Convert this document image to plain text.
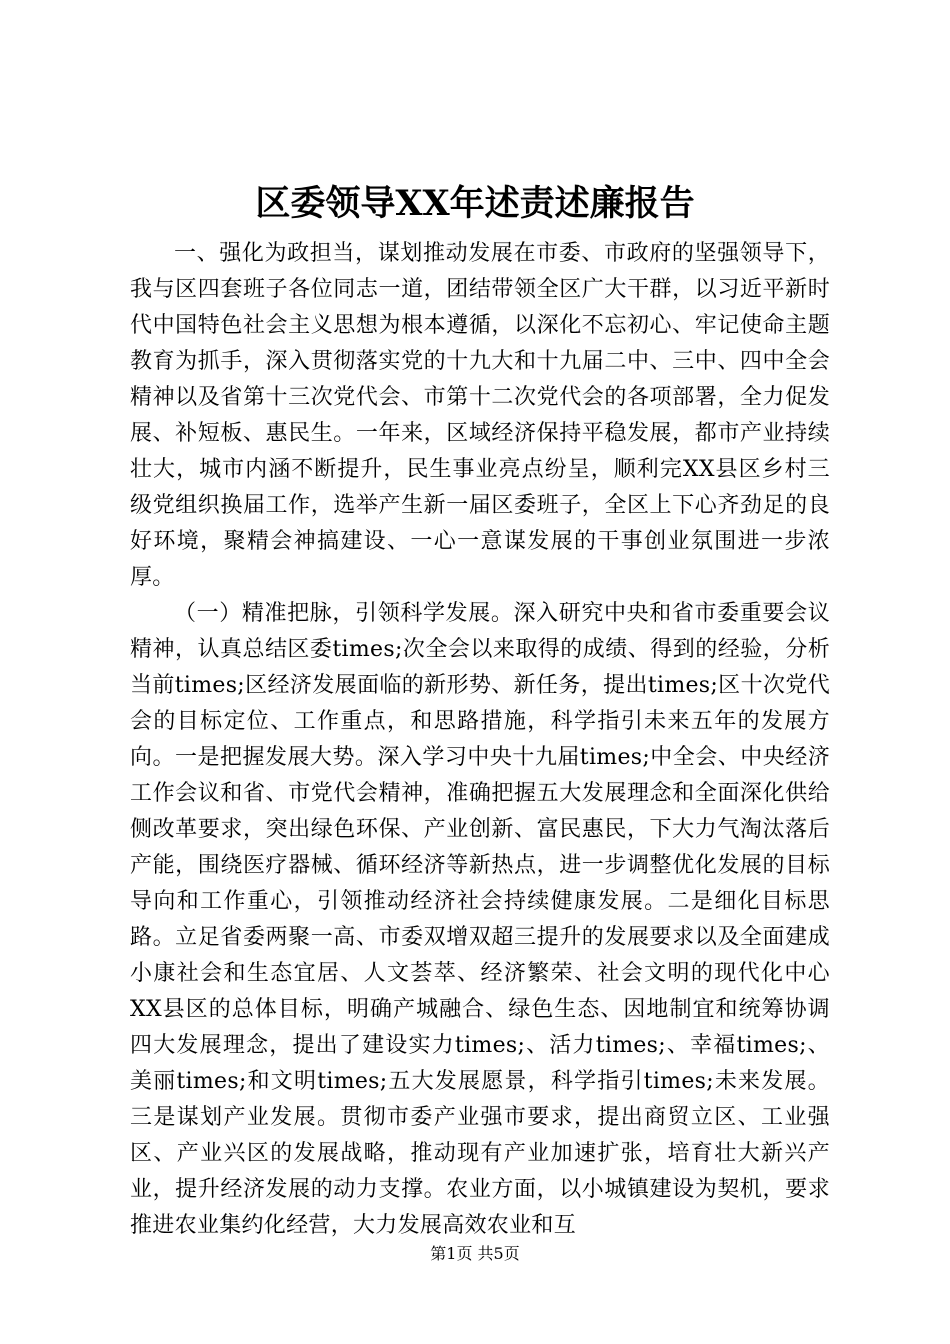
区委领导XX年述责述廉报告

一、强化为政担当，谋划推动发展在市委、市政府的坚强领导下，我与区四套班子各位同志一道，团结带领全区广大干群，以习近平新时代中国特色社会主义思想为根本遵循，以深化不忘初心、牢记使命主题教育为抓手，深入贯彻落实党的十九大和十九届二中、三中、四中全会精神以及省第十三次党代会、市第十二次党代会的各项部署，全力促发展、补短板、惠民生。一年来，区域经济保持平稳发展，都市产业持续壮大，城市内涵不断提升，民生事业亮点纷呈，顺利完XX县区乡村三级党组织换届工作，选举产生新一届区委班子，全区上下心齐劲足的良好环境，聚精会神搞建设、一心一意谋发展的干事创业氛围进一步浓厚。

（一）精准把脉，引领科学发展。深入研究中央和省市委重要会议精神，认真总结区委times;次全会以来取得的成绩、得到的经验，分析当前times;区经济发展面临的新形势、新任务，提出times;区十次党代会的目标定位、工作重点，和思路措施，科学指引未来五年的发展方向。一是把握发展大势。深入学习中央十九届times;中全会、中央经济工作会议和省、市党代会精神，准确把握五大发展理念和全面深化供给侧改革要求，突出绿色环保、产业创新、富民惠民，下大力气淘汰落后产能，围绕医疗器械、循环经济等新热点，进一步调整优化发展的目标导向和工作重心，引领推动经济社会持续健康发展。二是细化目标思路。立足省委两聚一高、市委双增双超三提升的发展要求以及全面建成小康社会和生态宜居、人文荟萃、经济繁荣、社会文明的现代化中心XX县区的总体目标，明确产城融合、绿色生态、因地制宜和统筹协调四大发展理念，提出了建设实力times;、活力times;、幸福times;、美丽times;和文明times;五大发展愿景，科学指引times;未来发展。三是谋划产业发展。贯彻市委产业强市要求，提出商贸立区、工业强区、产业兴区的发展战略，推动现有产业加速扩张，培育壮大新兴产业，提升经济发展的动力支撑。农业方面，以小城镇建设为契机，要求推进农业集约化经营，大力发展高效农业和互

第1页 共5页
